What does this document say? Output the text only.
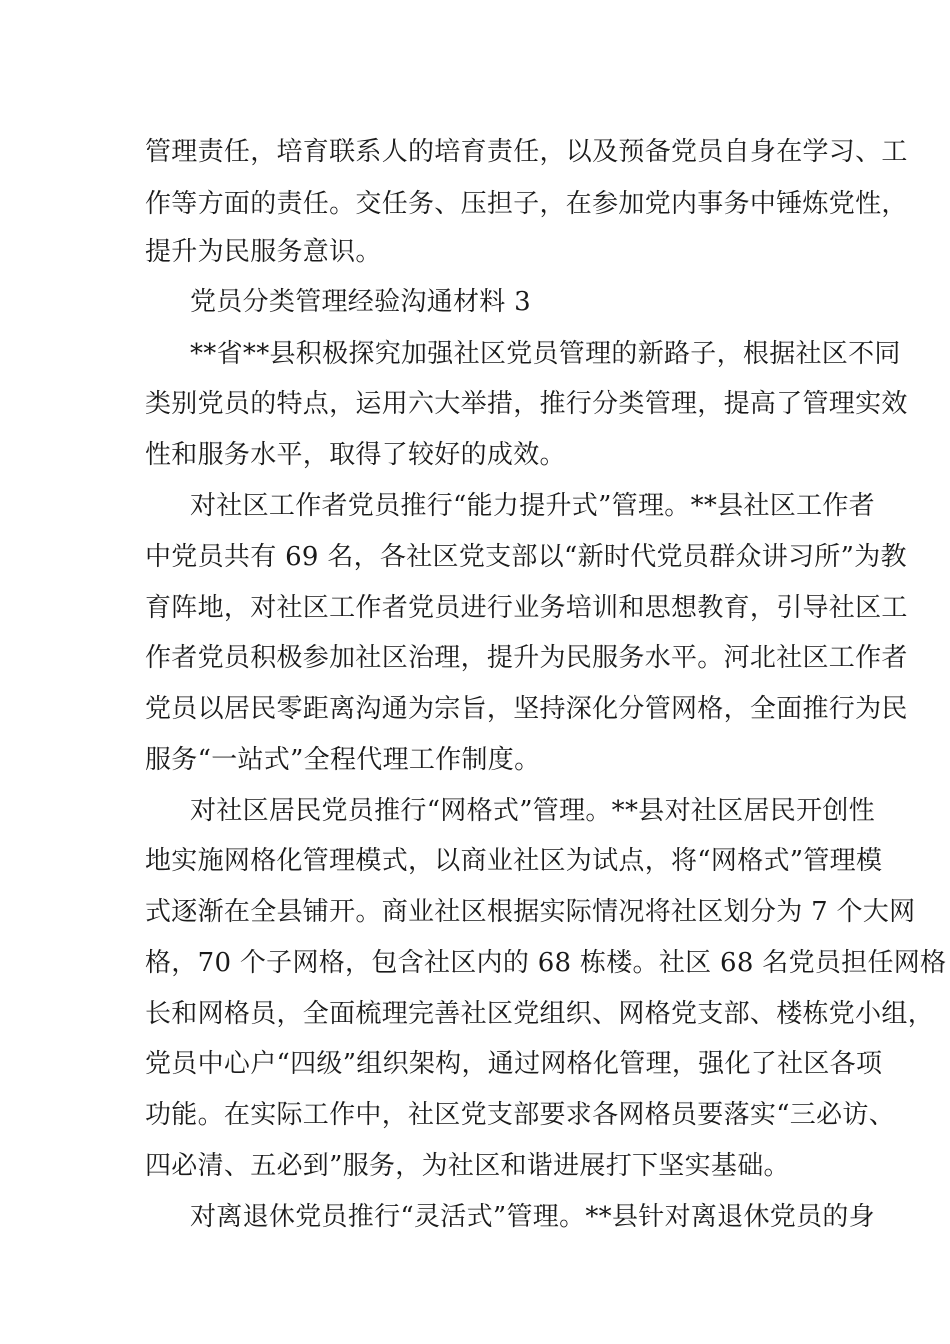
管理责任，培育联系人的培育责任，以及预备党员自身在学习、工
作等方面的责任。交任务、压担子，在参加党内事务中锤炼党性，
提升为民服务意识。
党员分类管理经验沟通材料 3
**省**县积极探究加强社区党员管理的新路子，根据社区不同
类别党员的特点，运用六大举措，推行分类管理，提高了管理实效
性和服务水平，取得了较好的成效。
对社区工作者党员推行“能力提升式”管理。**县社区工作者
中党员共有 69 名，各社区党支部以“新时代党员群众讲习所”为教
育阵地，对社区工作者党员进行业务培训和思想教育，引导社区工
作者党员积极参加社区治理，提升为民服务水平。河北社区工作者
党员以居民零距离沟通为宗旨，坚持深化分管网格，全面推行为民
服务“一站式”全程代理工作制度。
对社区居民党员推行“网格式”管理。**县对社区居民开创性
地实施网格化管理模式，以商业社区为试点，将“网格式”管理模
式逐渐在全县铺开。商业社区根据实际情况将社区划分为 7 个大网
格，70 个子网格，包含社区内的 68 栋楼。社区 68 名党员担任网格
长和网格员，全面梳理完善社区党组织、网格党支部、楼栋党小组，
党员中心户“四级”组织架构，通过网格化管理，强化了社区各项
功能。在实际工作中，社区党支部要求各网格员要落实“三必访、
四必清、五必到”服务，为社区和谐进展打下坚实基础。
对离退休党员推行“灵活式”管理。**县针对离退休党员的身
